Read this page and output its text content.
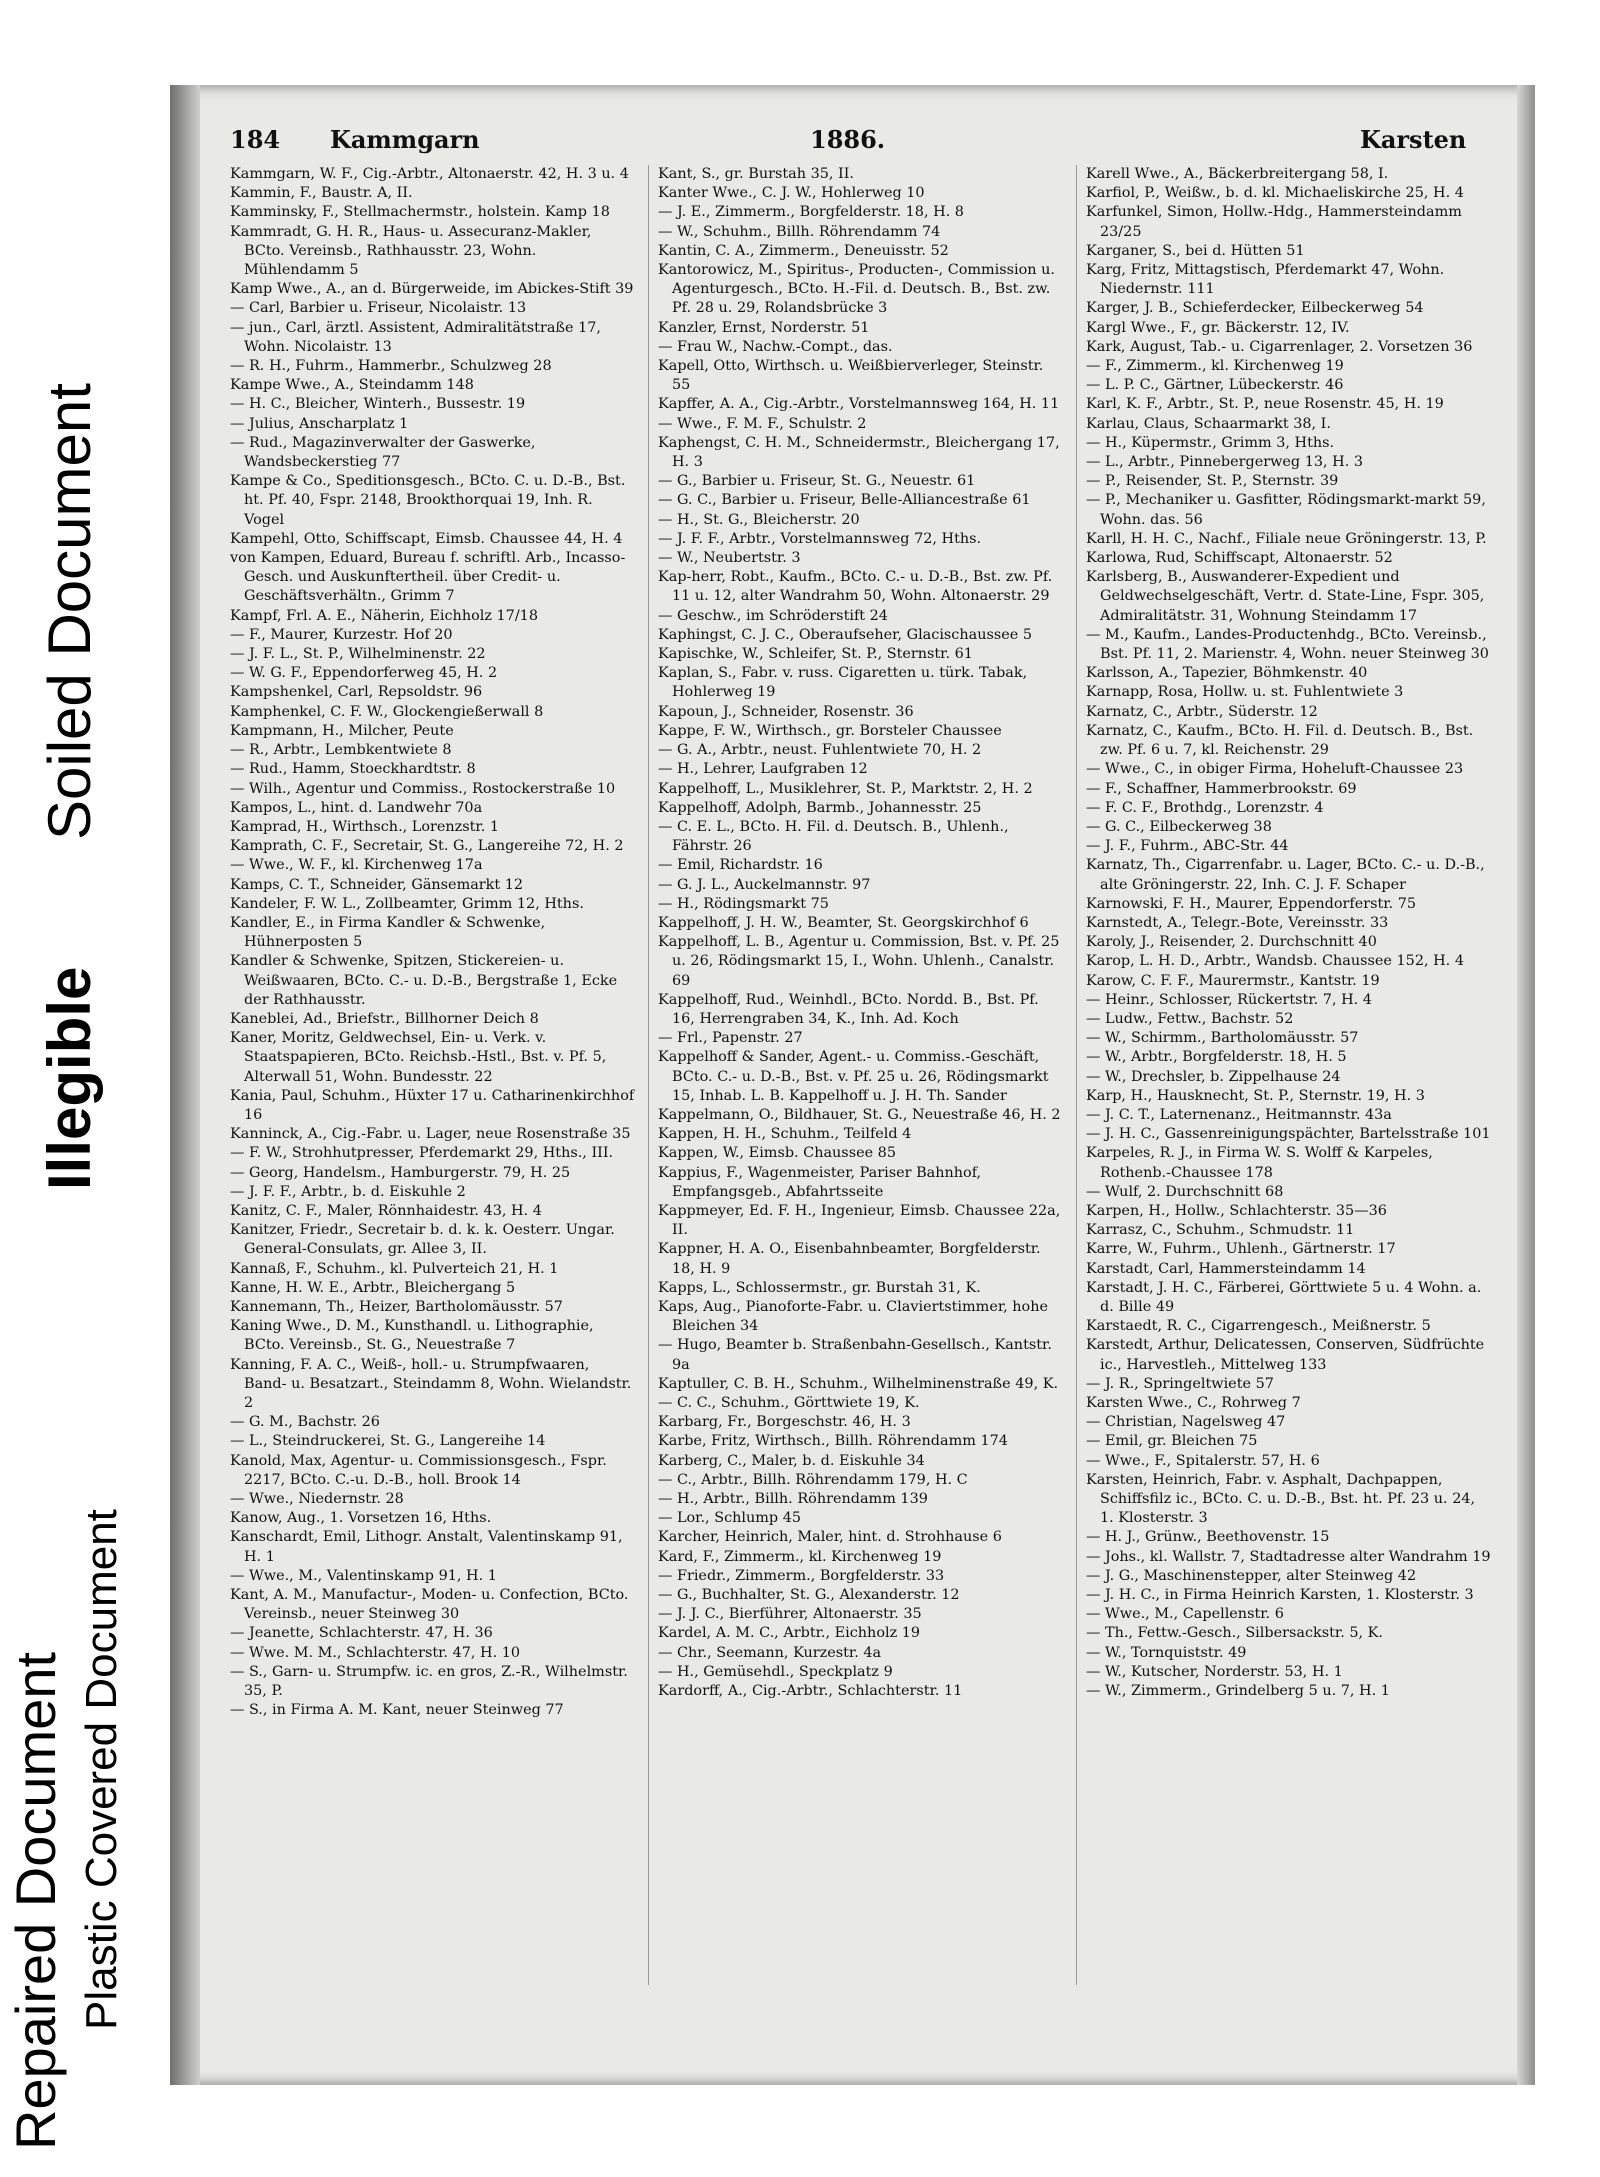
Repaired Document Plastic Covered Document
Illegible
Soiled Document
184 Kammgarn	1886.	Karsten

Kammgarn, W. F., Cig.-Arbtr., Altonaerstr. 42, H. 3 u. 4

Kammin, F., Baustr. A, II.

Kamminsky, F., Stellmachermstr., holstein. Kamp 18

Kammradt, G. H. R., Haus- u. Assecuranz-Makler, BCto. Vereinsb., Rathhausstr. 23, Wohn. Mühlendamm 5

Kamp Wwe., A., an d. Bürgerweide, im Abickes-Stift 39

— Carl, Barbier u. Friseur, Nicolaistr. 13

— jun., Carl, ärztl. Assistent, Admiralitätstraße 17, Wohn. Nicolaistr. 13

— R. H., Fuhrm., Hammerbr., Schulzweg 28

Kampe Wwe., A., Steindamm 148

— H. C., Bleicher, Winterh., Bussestr. 19

— Julius, Anscharplatz 1

— Rud., Magazinverwalter der Gaswerke, Wandsbeckerstieg 77

Kampe & Co., Speditionsgesch., BCto. C. u. D.-B., Bst. ht. Pf. 40, Fspr. 2148, Brookthorquai 19, Inh. R. Vogel

Kampehl, Otto, Schiffscapt, Eimsb. Chaussee 44, H. 4

von Kampen, Eduard, Bureau f. schriftl. Arb., Incasso-Gesch. und Auskunftertheil. über Credit- u. Geschäftsverhältn., Grimm 7

Kampf, Frl. A. E., Näherin, Eichholz 17/18

— F., Maurer, Kurzestr. Hof 20

— J. F. L., St. P., Wilhelminenstr. 22

— W. G. F., Eppendorferweg 45, H. 2

Kampshenkel, Carl, Repsoldstr. 96

Kamphenkel, C. F. W., Glockengießerwall 8

Kampmann, H., Milcher, Peute

— R., Arbtr., Lembkentwiete 8

— Rud., Hamm, Stoeckhardtstr. 8

— Wilh., Agentur und Commiss., Rostockerstraße 10

Kampos, L., hint. d. Landwehr 70a

Kamprad, H., Wirthsch., Lorenzstr. 1

Kamprath, C. F., Secretair, St. G., Langereihe 72, H. 2

— Wwe., W. F., kl. Kirchenweg 17a

Kamps, C. T., Schneider, Gänsemarkt 12

Kandeler, F. W. L., Zollbeamter, Grimm 12, Hths.

Kandler, E., in Firma Kandler & Schwenke, Hühnerposten 5

Kandler & Schwenke, Spitzen, Stickereien- u. Weißwaaren, BCto. C.- u. D.-B., Bergstraße 1, Ecke der Rathhausstr.

Kaneblei, Ad., Briefstr., Billhorner Deich 8

Kaner, Moritz, Geldwechsel, Ein- u. Verk. v. Staatspapieren, BCto. Reichsb.-Hstl., Bst. v. Pf. 5, Alterwall 51, Wohn. Bundesstr. 22

Kania, Paul, Schuhm., Hüxter 17 u. Catharinenkirchhof 16

Kanninck, A., Cig.-Fabr. u. Lager, neue Rosenstraße 35

— F. W., Strohhutpresser, Pferdemarkt 29, Hths., III.

— Georg, Handelsm., Hamburgerstr. 79, H. 25

— J. F. F., Arbtr., b. d. Eiskuhle 2

Kanitz, C. F., Maler, Rönnhaidestr. 43, H. 4

Kanitzer, Friedr., Secretair b. d. k. k. Oesterr. Ungar. General-Consulats, gr. Allee 3, II.

Kannaß, F., Schuhm., kl. Pulverteich 21, H. 1

Kanne, H. W. E., Arbtr., Bleichergang 5

Kannemann, Th., Heizer, Bartholomäusstr. 57

Kaning Wwe., D. M., Kunsthandl. u. Lithographie, BCto. Vereinsb., St. G., Neuestraße 7

Kanning, F. A. C., Weiß-, holl.- u. Strumpfwaaren, Band- u. Besatzart., Steindamm 8, Wohn. Wielandstr. 2

— G. M., Bachstr. 26

— L., Steindruckerei, St. G., Langereihe 14

Kanold, Max, Agentur- u. Commissionsgesch., Fspr. 2217, BCto. C.-u. D.-B., holl. Brook 14

— Wwe., Niedernstr. 28

Kanow, Aug., 1. Vorsetzen 16, Hths.

Kanschardt, Emil, Lithogr. Anstalt, Valentinskamp 91, H. 1

— Wwe., M., Valentinskamp 91, H. 1

Kant, A. M., Manufactur-, Moden- u. Confection, BCto. Vereinsb., neuer Steinweg 30

— Jeanette, Schlachterstr. 47, H. 36

— Wwe. M. M., Schlachterstr. 47, H. 10

— S., Garn- u. Strumpfw. ic. en gros, Z.-R., Wilhelmstr. 35, P.

— S., in Firma A. M. Kant, neuer Steinweg 77

Kant, S., gr. Burstah 35, II.

Kanter Wwe., C. J. W., Hohlerweg 10

— J. E., Zimmerm., Borgfelderstr. 18, H. 8

— W., Schuhm., Billh. Röhrendamm 74

Kantin, C. A., Zimmerm., Deneuisstr. 52

Kantorowicz, M., Spiritus-, Producten-, Commission u. Agenturgesch., BCto. H.-Fil. d. Deutsch. B., Bst. zw. Pf. 28 u. 29, Rolandsbrücke 3

Kanzler, Ernst, Norderstr. 51

— Frau W., Nachw.-Compt., das.

Kapell, Otto, Wirthsch. u. Weißbierverleger, Steinstr. 55

Kapffer, A. A., Cig.-Arbtr., Vorstelmannsweg 164, H. 11

— Wwe., F. M. F., Schulstr. 2

Kaphengst, C. H. M., Schneidermstr., Bleichergang 17, H. 3

— G., Barbier u. Friseur, St. G., Neuestr. 61

— G. C., Barbier u. Friseur, Belle-Alliancestraße 61

— H., St. G., Bleicherstr. 20

— J. F. F., Arbtr., Vorstelmannsweg 72, Hths.

— W., Neubertstr. 3

Kap-herr, Robt., Kaufm., BCto. C.- u. D.-B., Bst. zw. Pf. 11 u. 12, alter Wandrahm 50, Wohn. Altonaerstr. 29

— Geschw., im Schröderstift 24

Kaphingst, C. J. C., Oberaufseher, Glacischaussee 5

Kapischke, W., Schleifer, St. P., Sternstr. 61

Kaplan, S., Fabr. v. russ. Cigaretten u. türk. Tabak, Hohlerweg 19

Kapoun, J., Schneider, Rosenstr. 36

Kappe, F. W., Wirthsch., gr. Borsteler Chaussee

— G. A., Arbtr., neust. Fuhlentwiete 70, H. 2

— H., Lehrer, Laufgraben 12

Kappelhoff, L., Musiklehrer, St. P., Marktstr. 2, H. 2

Kappelhoff, Adolph, Barmb., Johannesstr. 25

— C. E. L., BCto. H. Fil. d. Deutsch. B., Uhlenh., Fährstr. 26

— Emil, Richardstr. 16

— G. J. L., Auckelmannstr. 97

— H., Rödingsmarkt 75

Kappelhoff, J. H. W., Beamter, St. Georgskirchhof 6

Kappelhoff, L. B., Agentur u. Commission, Bst. v. Pf. 25 u. 26, Rödingsmarkt 15, I., Wohn. Uhlenh., Canalstr. 69

Kappelhoff, Rud., Weinhdl., BCto. Nordd. B., Bst. Pf. 16, Herrengraben 34, K., Inh. Ad. Koch

— Frl., Papenstr. 27

Kappelhoff & Sander, Agent.- u. Commiss.-Geschäft, BCto. C.- u. D.-B., Bst. v. Pf. 25 u. 26, Rödingsmarkt 15, Inhab. L. B. Kappelhoff u. J. H. Th. Sander

Kappelmann, O., Bildhauer, St. G., Neuestraße 46, H. 2

Kappen, H. H., Schuhm., Teilfeld 4

Kappen, W., Eimsb. Chaussee 85

Kappius, F., Wagenmeister, Pariser Bahnhof, Empfangsgeb., Abfahrtsseite

Kappmeyer, Ed. F. H., Ingenieur, Eimsb. Chaussee 22a, II.

Kappner, H. A. O., Eisenbahnbeamter, Borgfelderstr. 18, H. 9

Kapps, L., Schlossermstr., gr. Burstah 31, K.

Kaps, Aug., Pianoforte-Fabr. u. Claviertstimmer, hohe Bleichen 34

— Hugo, Beamter b. Straßenbahn-Gesellsch., Kantstr. 9a

Kaptuller, C. B. H., Schuhm., Wilhelminenstraße 49, K.

— C. C., Schuhm., Görttwiete 19, K.

Karbarg, Fr., Borgeschstr. 46, H. 3

Karbe, Fritz, Wirthsch., Billh. Röhrendamm 174

Karberg, C., Maler, b. d. Eiskuhle 34

— C., Arbtr., Billh. Röhrendamm 179, H. C

— H., Arbtr., Billh. Röhrendamm 139

— Lor., Schlump 45

Karcher, Heinrich, Maler, hint. d. Strohhause 6

Kard, F., Zimmerm., kl. Kirchenweg 19

— Friedr., Zimmerm., Borgfelderstr. 33

— G., Buchhalter, St. G., Alexanderstr. 12

— J. J. C., Bierführer, Altonaerstr. 35

Kardel, A. M. C., Arbtr., Eichholz 19

— Chr., Seemann, Kurzestr. 4a

— H., Gemüsehdl., Speckplatz 9

Kardorff, A., Cig.-Arbtr., Schlachterstr. 11

Karell Wwe., A., Bäckerbreitergang 58, I.

Karfiol, P., Weißw., b. d. kl. Michaeliskirche 25, H. 4

Karfunkel, Simon, Hollw.-Hdg., Hammersteindamm 23/25

Karganer, S., bei d. Hütten 51

Karg, Fritz, Mittagstisch, Pferdemarkt 47, Wohn. Niedernstr. 111

Karger, J. B., Schieferdecker, Eilbeckerweg 54

Kargl Wwe., F., gr. Bäckerstr. 12, IV.

Kark, August, Tab.- u. Cigarrenlager, 2. Vorsetzen 36

— F., Zimmerm., kl. Kirchenweg 19

— L. P. C., Gärtner, Lübeckerstr. 46

Karl, K. F., Arbtr., St. P., neue Rosenstr. 45, H. 19

Karlau, Claus, Schaarmarkt 38, I.

— H., Küpermstr., Grimm 3, Hths.

— L., Arbtr., Pinnebergerweg 13, H. 3

— P., Reisender, St. P., Sternstr. 39

— P., Mechaniker u. Gasfitter, Rödingsmarkt-markt 59, Wohn. das. 56

Karll, H. H. C., Nachf., Filiale neue Gröningerstr. 13, P.

Karlowa, Rud, Schiffscapt, Altonaerstr. 52

Karlsberg, B., Auswanderer-Expedient und Geldwechselgeschäft, Vertr. d. State-Line, Fspr. 305, Admiralitätstr. 31, Wohnung Steindamm 17

— M., Kaufm., Landes-Productenhdg., BCto. Vereinsb., Bst. Pf. 11, 2. Marienstr. 4, Wohn. neuer Steinweg 30

Karlsson, A., Tapezier, Böhmkenstr. 40

Karnapp, Rosa, Hollw. u. st. Fuhlentwiete 3

Karnatz, C., Arbtr., Süderstr. 12

Karnatz, C., Kaufm., BCto. H. Fil. d. Deutsch. B., Bst. zw. Pf. 6 u. 7, kl. Reichenstr. 29

— Wwe., C., in obiger Firma, Hoheluft-Chaussee 23

— F., Schaffner, Hammerbrookstr. 69

— F. C. F., Brothdg., Lorenzstr. 4

— G. C., Eilbeckerweg 38

— J. F., Fuhrm., ABC-Str. 44

Karnatz, Th., Cigarrenfabr. u. Lager, BCto. C.- u. D.-B., alte Gröningerstr. 22, Inh. C. J. F. Schaper

Karnowski, F. H., Maurer, Eppendorferstr. 75

Karnstedt, A., Telegr.-Bote, Vereinsstr. 33

Karoly, J., Reisender, 2. Durchschnitt 40

Karop, L. H. D., Arbtr., Wandsb. Chaussee 152, H. 4

Karow, C. F. F., Maurermstr., Kantstr. 19

— Heinr., Schlosser, Rückertstr. 7, H. 4

— Ludw., Fettw., Bachstr. 52

— W., Schirmm., Bartholomäusstr. 57

— W., Arbtr., Borgfelderstr. 18, H. 5

— W., Drechsler, b. Zippelhause 24

Karp, H., Hausknecht, St. P., Sternstr. 19, H. 3

— J. C. T., Laternenanz., Heitmannstr. 43a

— J. H. C., Gassenreinigungspächter, Bartelsstraße 101

Karpeles, R. J., in Firma W. S. Wolff & Karpeles, Rothenb.-Chaussee 178

— Wulf, 2. Durchschnitt 68

Karpen, H., Hollw., Schlachterstr. 35—36

Karrasz, C., Schuhm., Schmudstr. 11

Karre, W., Fuhrm., Uhlenh., Gärtnerstr. 17

Karstadt, Carl, Hammersteindamm 14

Karstadt, J. H. C., Färberei, Görttwiete 5 u. 4 Wohn. a. d. Bille 49

Karstaedt, R. C., Cigarrengesch., Meißnerstr. 5

Karstedt, Arthur, Delicatessen, Conserven, Südfrüchte ic., Harvestleh., Mittelweg 133

— J. R., Springeltwiete 57

Karsten Wwe., C., Rohrweg 7

— Christian, Nagelsweg 47

— Emil, gr. Bleichen 75

— Wwe., F., Spitalerstr. 57, H. 6

Karsten, Heinrich, Fabr. v. Asphalt, Dachpappen, Schiffsfilz ic., BCto. C. u. D.-B., Bst. ht. Pf. 23 u. 24, 1. Klosterstr. 3

— H. J., Grünw., Beethovenstr. 15

— Johs., kl. Wallstr. 7, Stadtadresse alter Wandrahm 19

— J. G., Maschinenstepper, alter Steinweg 42

— J. H. C., in Firma Heinrich Karsten, 1. Klosterstr. 3

— Wwe., M., Capellenstr. 6

— Th., Fettw.-Gesch., Silbersackstr. 5, K.

— W., Tornquiststr. 49

— W., Kutscher, Norderstr. 53, H. 1

— W., Zimmerm., Grindelberg 5 u. 7, H. 1
